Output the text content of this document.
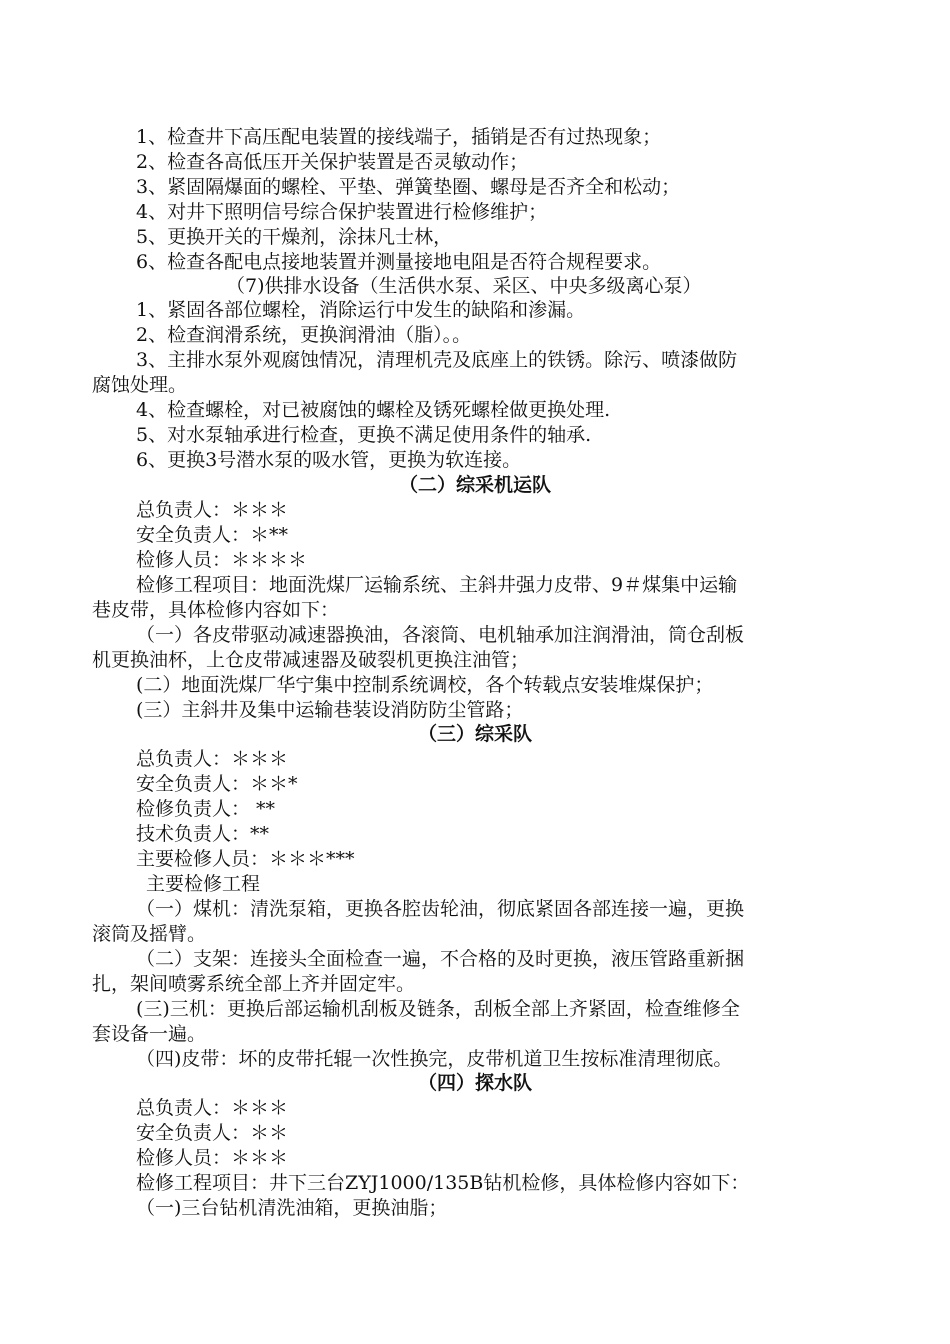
1、检查井下高压配电装置的接线端子，插销是否有过热现象；
2、检查各高低压开关保护装置是否灵敏动作；
3、紧固隔爆面的螺栓、平垫、弹簧垫圈、螺母是否齐全和松动；
4、对井下照明信号综合保护装置进行检修维护；
5、更换开关的干燥剂，涂抹凡士林，
6、检查各配电点接地装置并测量接地电阻是否符合规程要求。
（7)供排水设备（生活供水泵、采区、中央多级离心泵）
1、紧固各部位螺栓，消除运行中发生的缺陷和渗漏。
2、检查润滑系统，更换润滑油（脂）。。
3、主排水泵外观腐蚀情况，清理机壳及底座上的铁锈。除污、喷漆做防
腐蚀处理。
4、检查螺栓，对已被腐蚀的螺栓及锈死螺栓做更换处理.
5、对水泵轴承进行检查，更换不满足使用条件的轴承.
6、更换3号潜水泵的吸水管，更换为软连接。
（二）综采机运队
总负责人：＊＊＊
安全负责人：＊**
检修人员：＊＊＊＊
检修工程项目：地面洗煤厂运输系统、主斜井强力皮带、9＃煤集中运输
巷皮带，具体检修内容如下：
（一）各皮带驱动减速器换油，各滚筒、电机轴承加注润滑油，筒仓刮板
机更换油杯，上仓皮带减速器及破裂机更换注油管；
(二）地面洗煤厂华宁集中控制系统调校，各个转载点安装堆煤保护；
(三）主斜井及集中运输巷装设消防防尘管路；
（三）综采队
总负责人：＊＊＊
安全负责人：＊＊*
检修负责人： **
技术负责人：**
主要检修人员：＊＊＊***
主要检修工程
（一）煤机：清洗泵箱，更换各腔齿轮油，彻底紧固各部连接一遍，更换
滚筒及摇臂。
（二）支架：连接头全面检查一遍，不合格的及时更换，液压管路重新捆
扎，架间喷雾系统全部上齐并固定牢。
(三)三机：更换后部运输机刮板及链条，刮板全部上齐紧固，检查维修全
套设备一遍。
（四)皮带：坏的皮带托辊一次性换完，皮带机道卫生按标准清理彻底。
（四）探水队
总负责人：＊＊＊
安全负责人：＊＊
检修人员：＊＊＊
检修工程项目：井下三台ZYJ1000/135B钻机检修，具体检修内容如下：
（一)三台钻机清洗油箱，更换油脂；
